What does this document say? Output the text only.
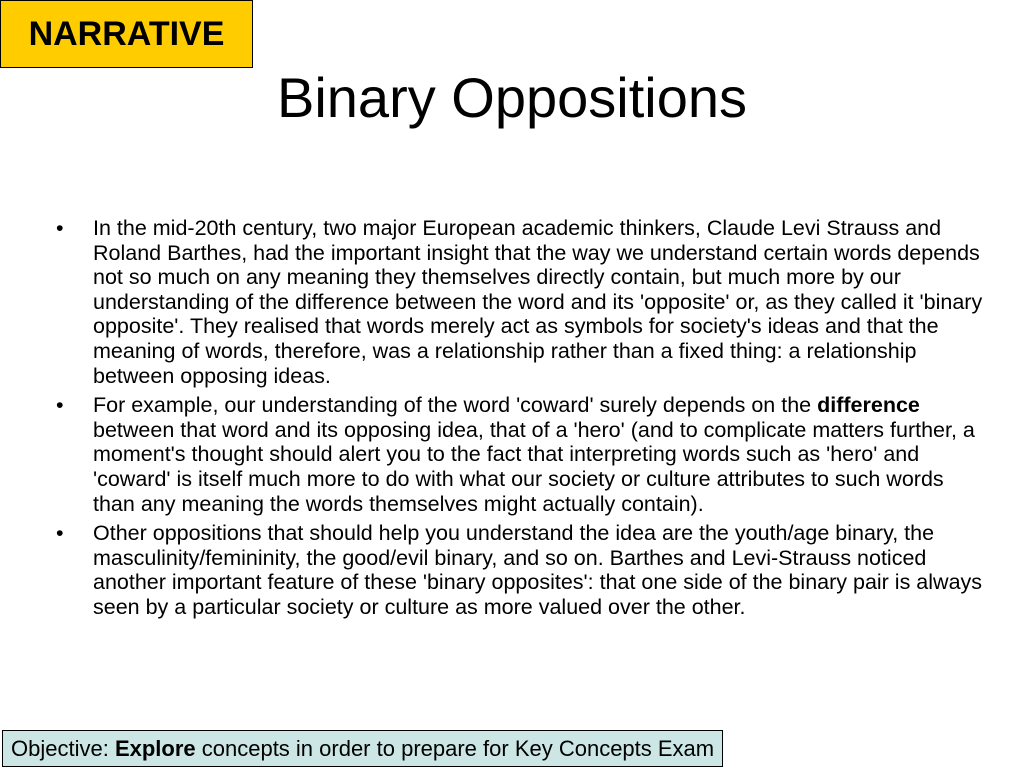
NARRATIVE
Binary Oppositions
• In the mid-20th century, two major European academic thinkers, Claude Levi Strauss and Roland Barthes, had the important insight that the way we understand certain words depends not so much on any meaning they themselves directly contain, but much more by our understanding of the difference between the word and its 'opposite' or, as they called it 'binary opposite'. They realised that words merely act as symbols for society's ideas and that the meaning of words, therefore, was a relationship rather than a fixed thing: a relationship between opposing ideas.
• For example, our understanding of the word 'coward' surely depends on the difference between that word and its opposing idea, that of a 'hero' (and to complicate matters further, a moment's thought should alert you to the fact that interpreting words such as 'hero' and 'coward' is itself much more to do with what our society or culture attributes to such words than any meaning the words themselves might actually contain).
• Other oppositions that should help you understand the idea are the youth/age binary, the masculinity/femininity, the good/evil binary, and so on. Barthes and Levi-Strauss noticed another important feature of these 'binary opposites': that one side of the binary pair is always seen by a particular society or culture as more valued over the other.
Objective: Explore concepts in order to prepare for Key Concepts Exam
